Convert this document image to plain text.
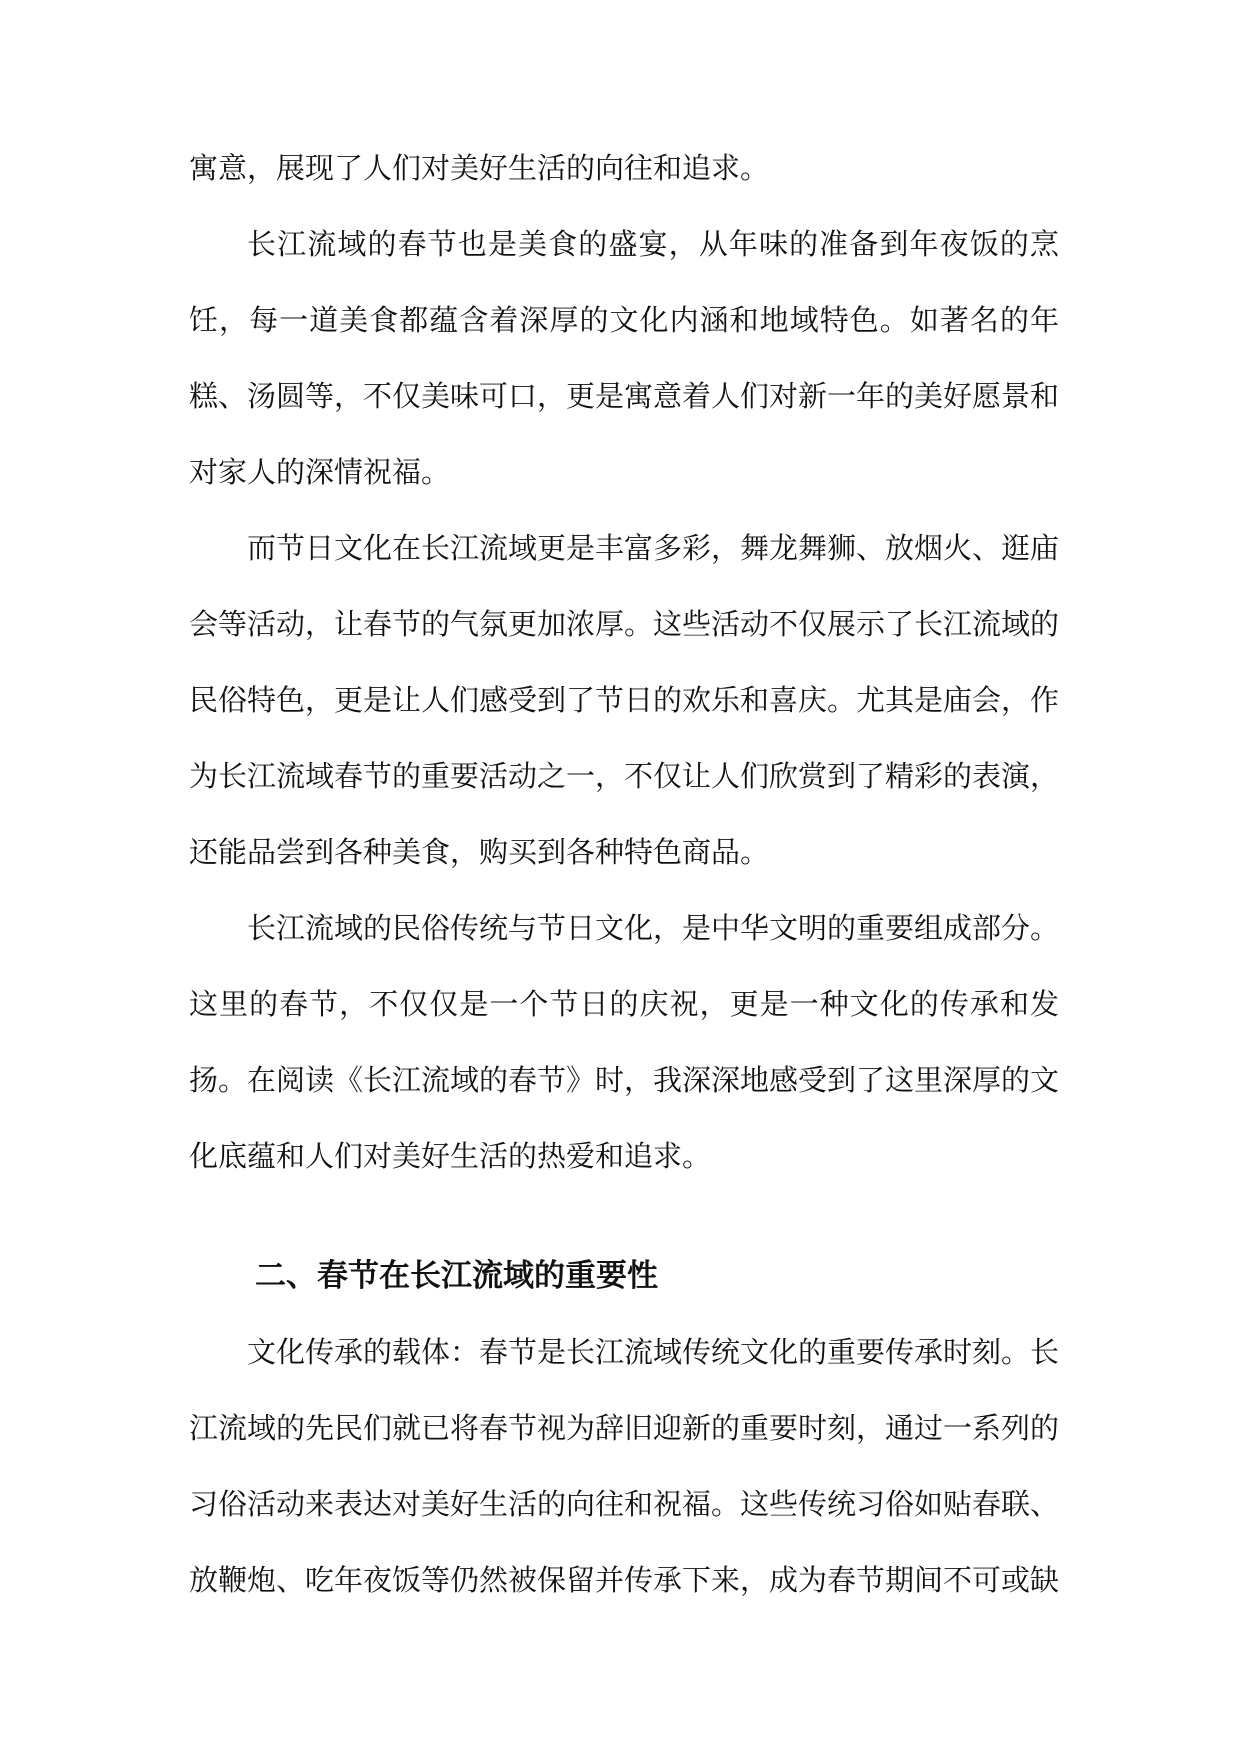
寓意，展现了人们对美好生活的向往和追求。

长江流域的春节也是美食的盛宴，从年味的准备到年夜饭的烹饪，每一道美食都蕴含着深厚的文化内涵和地域特色。如著名的年糕、汤圆等，不仅美味可口，更是寓意着人们对新一年的美好愿景和对家人的深情祝福。

而节日文化在长江流域更是丰富多彩，舞龙舞狮、放烟火、逛庙会等活动，让春节的气氛更加浓厚。这些活动不仅展示了长江流域的民俗特色，更是让人们感受到了节日的欢乐和喜庆。尤其是庙会，作为长江流域春节的重要活动之一，不仅让人们欣赏到了精彩的表演，还能品尝到各种美食，购买到各种特色商品。

长江流域的民俗传统与节日文化，是中华文明的重要组成部分。这里的春节，不仅仅是一个节日的庆祝，更是一种文化的传承和发扬。在阅读《长江流域的春节》时，我深深地感受到了这里深厚的文化底蕴和人们对美好生活的热爱和追求。

二、春节在长江流域的重要性

文化传承的载体：春节是长江流域传统文化的重要传承时刻。长江流域的先民们就已将春节视为辞旧迎新的重要时刻，通过一系列的习俗活动来表达对美好生活的向往和祝福。这些传统习俗如贴春联、放鞭炮、吃年夜饭等仍然被保留并传承下来，成为春节期间不可或缺
